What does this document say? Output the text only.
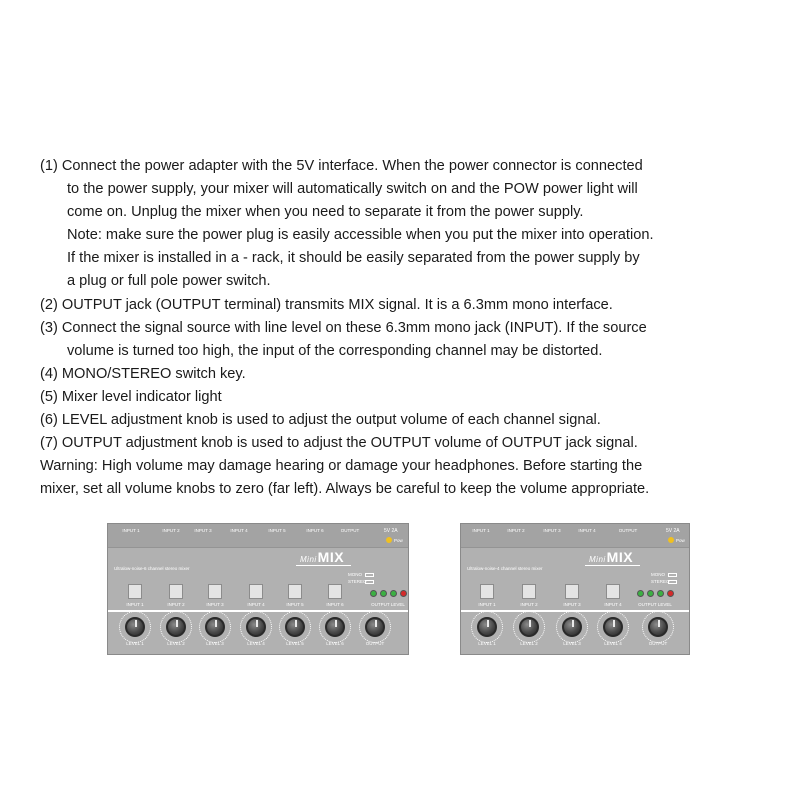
(1) Connect the power adapter with the 5V interface. When the power connector is connected
to the power supply, your mixer will automatically switch on and the POW power light will
come on. Unplug the mixer when you need to separate it from the power supply.
Note: make sure the power plug is easily accessible when you put the mixer into operation.
If the mixer is installed in a - rack, it should be easily separated from the power supply by
a plug or full pole power switch.
(2) OUTPUT jack (OUTPUT terminal) transmits MIX signal. It is a 6.3mm mono interface.
(3) Connect the signal source with line level on these 6.3mm mono jack (INPUT). If the source
volume is turned too high, the input of the corresponding channel may be distorted.
(4) MONO/STEREO switch key.
(5) Mixer level indicator light
(6) LEVEL adjustment knob is used to adjust the output volume of each channel signal.
(7) OUTPUT adjustment knob is used to adjust the OUTPUT volume of OUTPUT jack signal.
Warning: High volume may damage hearing or damage your headphones. Before starting the
mixer, set all volume knobs to zero (far left). Always be careful to keep the volume appropriate.
INPUT 1	INPUT 2	INPUT 3	INPUT 4	INPUT 5	INPUT 6	OUTPUT	5V 2A
Pow
MiniMIX
Ultralow-noise-6 channel stereo mixer
INPUT 1	INPUT 2	INPUT 3	INPUT 4	INPUT 5	INPUT 6
MONO
STEREO
OUTPUT LEVEL
LEVEL 1	LEVEL 2	LEVEL 3	LEVEL 4	LEVEL 5	LEVEL 6	OUTPUT
INPUT 1	INPUT 2	INPUT 3	INPUT 4	OUTPUT	5V 2A
Pow
MiniMIX
Ultralow-noise-4 channel stereo mixer
INPUT 1	INPUT 2	INPUT 3	INPUT 4
MONO
STEREO
OUTPUT LEVEL
LEVEL 1	LEVEL 2	LEVEL 3	LEVEL 4	OUTPUT
